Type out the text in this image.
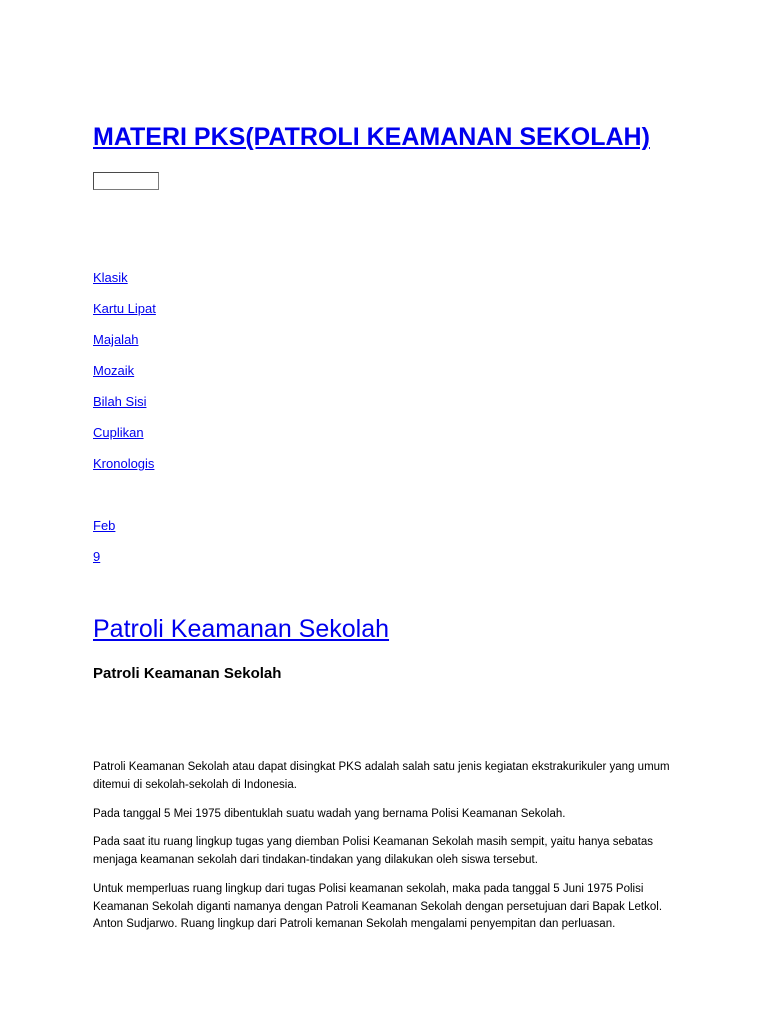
MATERI PKS(PATROLI KEAMANAN SEKOLAH)
Klasik
Kartu Lipat
Majalah
Mozaik
Bilah Sisi
Cuplikan
Kronologis
Feb
9
Patroli Keamanan Sekolah
Patroli Keamanan Sekolah

Patroli Keamanan Sekolah atau dapat disingkat PKS adalah salah satu jenis kegiatan ekstrakurikuler yang umum ditemui di sekolah-sekolah di Indonesia.

Pada tanggal 5 Mei 1975 dibentuklah suatu wadah yang bernama Polisi Keamanan Sekolah.

Pada saat itu ruang lingkup tugas yang diemban Polisi Keamanan Sekolah masih sempit, yaitu hanya sebatas menjaga keamanan sekolah dari tindakan-tindakan yang dilakukan oleh siswa tersebut.

Untuk memperluas ruang lingkup dari tugas Polisi keamanan sekolah, maka pada tanggal 5 Juni 1975 Polisi Keamanan Sekolah diganti namanya dengan Patroli Keamanan Sekolah dengan persetujuan dari Bapak Letkol. Anton Sudjarwo. Ruang lingkup dari Patroli kemanan Sekolah mengalami penyempitan dan perluasan.
